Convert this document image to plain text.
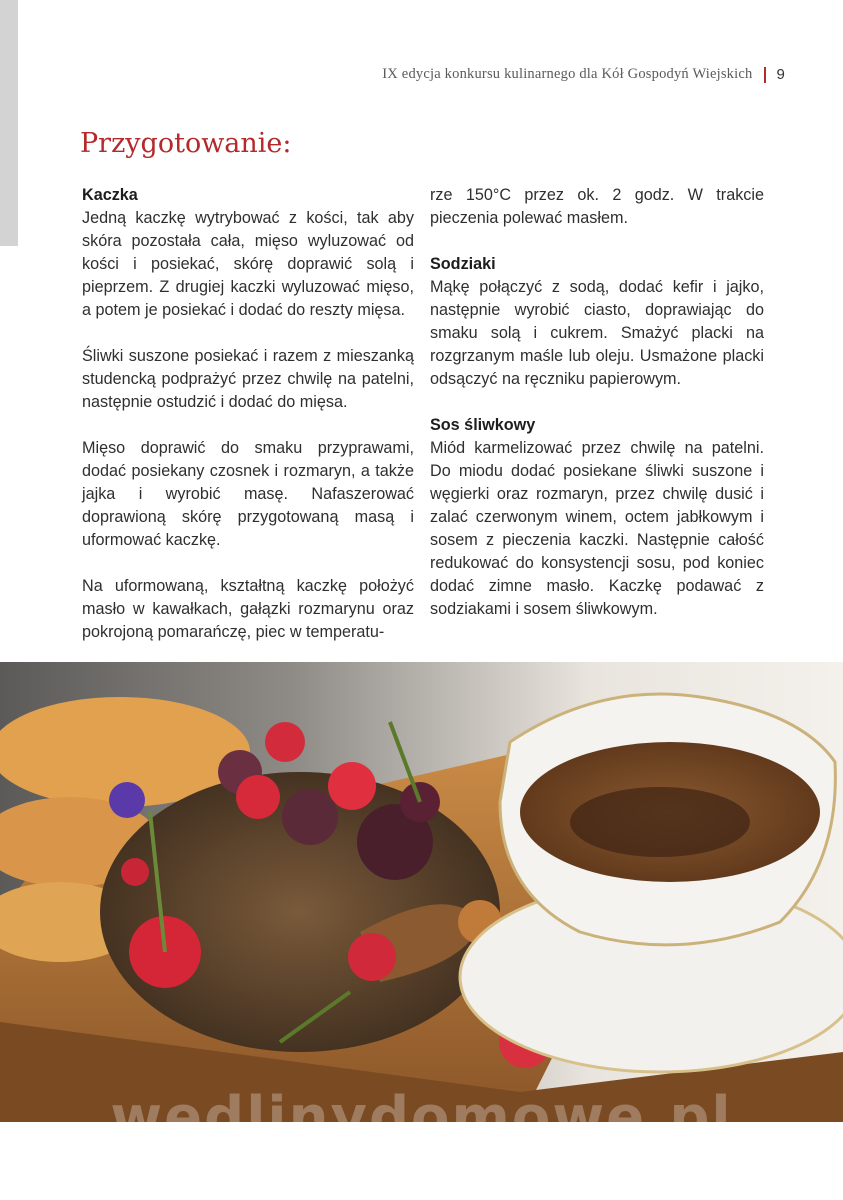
IX edycja konkursu kulinarnego dla Kół Gospodyń Wiejskich 9
Przygotowanie:
Kaczka

Jedną kaczkę wytrybować z kości, tak aby skóra pozostała cała, mięso wyluzować od kości i posiekać, skórę doprawić solą i pieprzem. Z drugiej kaczki wyluzować mięso, a potem je posiekać i dodać do reszty mięsa.

Śliwki suszone posiekać i razem z mieszanką studencką podprażyć przez chwilę na patelni, następnie ostudzić i dodać do mięsa.

Mięso doprawić do smaku przyprawami, dodać posiekany czosnek i rozmaryn, a także jajka i wyrobić masę. Nafaszerować doprawioną skórę przygotowaną masą i uformować kaczkę.

Na uformowaną, kształtną kaczkę położyć masło w kawałkach, gałązki rozmarynu oraz pokrojoną pomarańczę, piec w temperatu-

rze 150°C przez ok. 2 godz. W trakcie pieczenia polewać masłem.

Sodziaki

Mąkę połączyć z sodą, dodać kefir i jajko, następnie wyrobić ciasto, doprawiając do smaku solą i cukrem. Smażyć placki na rozgrzanym maśle lub oleju. Usmażone placki odsączyć na ręczniku papierowym.

Sos śliwkowy

Miód karmelizować przez chwilę na patelni. Do miodu dodać posiekane śliwki suszone i węgierki oraz rozmaryn, przez chwilę dusić i zalać czerwonym winem, octem jabłkowym i sosem z pieczenia kaczki. Następnie całość redukować do konsystencji sosu, pod koniec dodać zimne masło. Kaczkę podawać z sodziakami i sosem śliwkowym.

wedlinydomowe.pl
